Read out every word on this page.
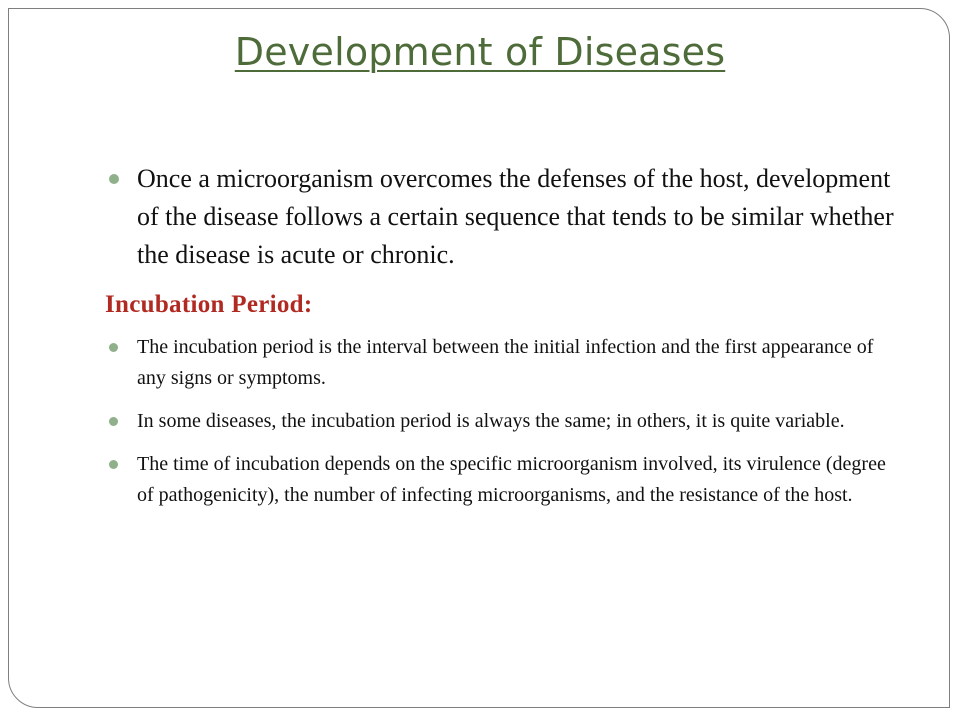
Development of Diseases
Once a microorganism overcomes the defenses of the host, development of the disease follows a certain sequence that tends to be similar whether the disease is acute or chronic.
Incubation Period:
The incubation period is the interval between the initial infection and the first appearance of any signs or symptoms.
In some diseases, the incubation period is always the same; in others, it is quite variable.
The time of incubation depends on the specific microorganism involved, its virulence (degree of pathogenicity), the number of infecting microorganisms, and the resistance of the host.
